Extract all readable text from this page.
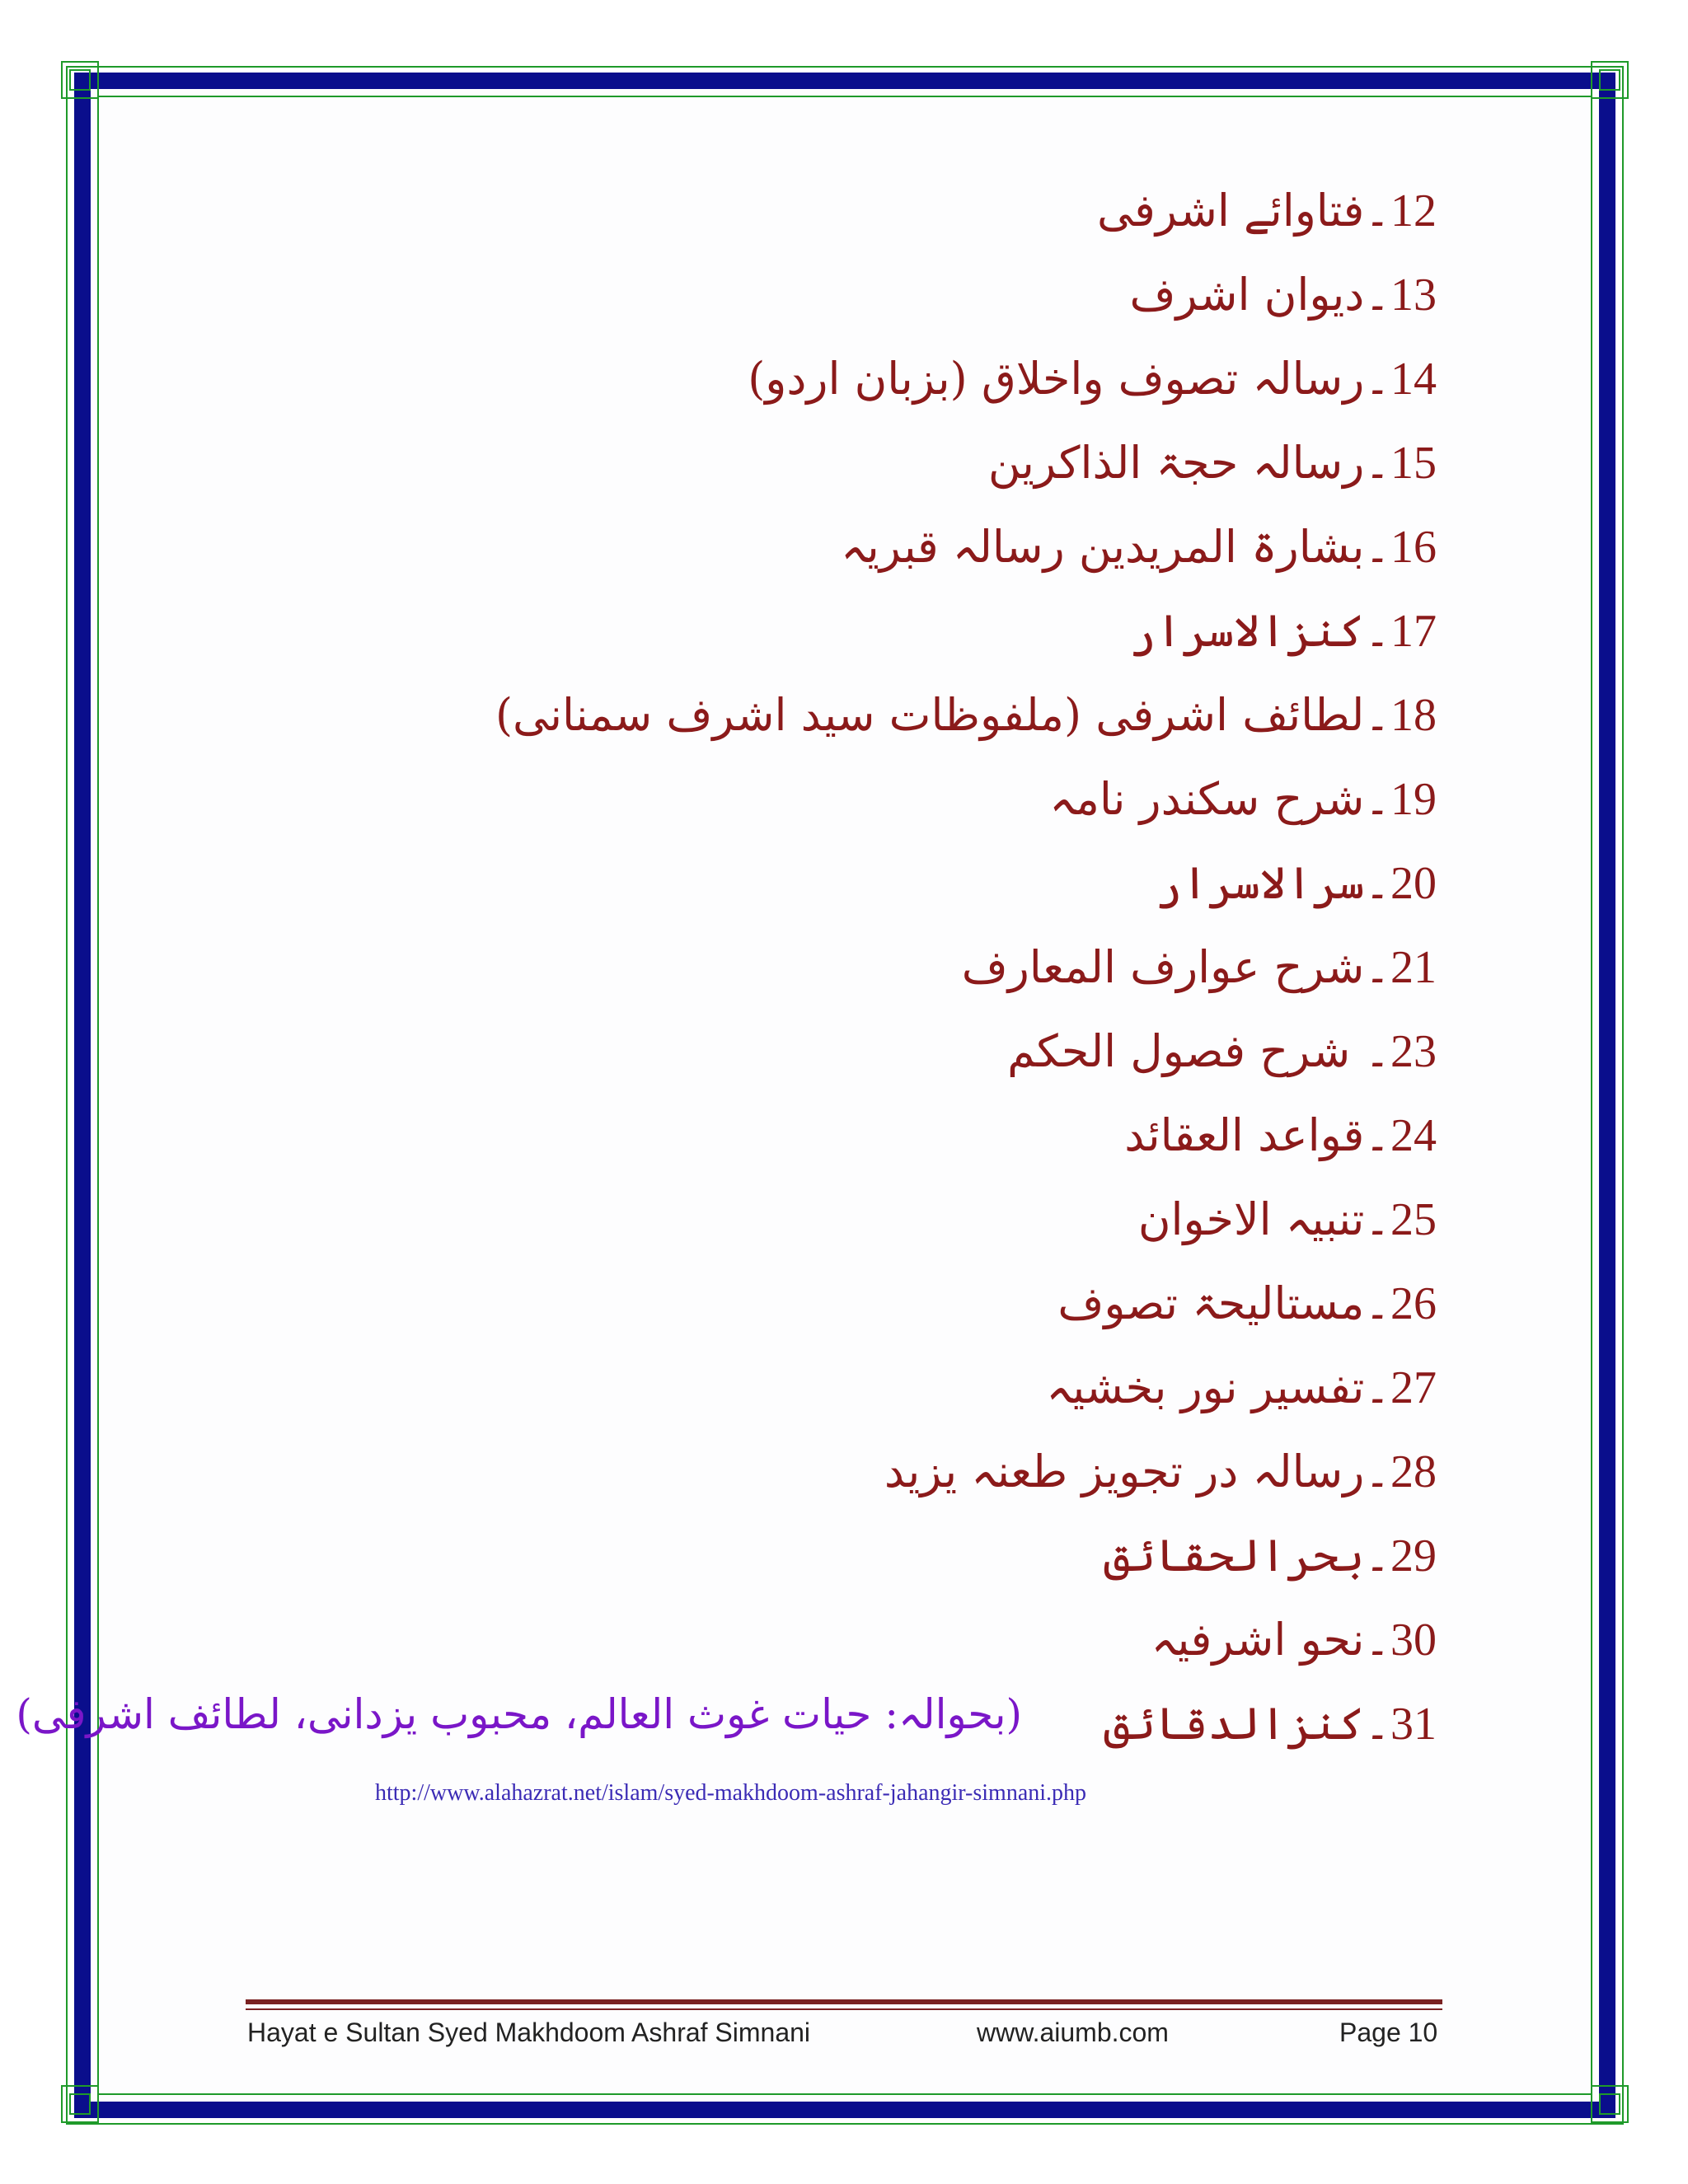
12۔فتاوائے اشرفی
13۔دیوان اشرف
14۔رسالہ تصوف واخلاق (بزبان اردو)
15۔رسالہ حجۃ الذاکرین
16۔بشارۃ المریدین رسالہ قبریہ
17۔کنزالاسرار
18۔لطائف اشرفی (ملفوظات سید اشرف سمنانی)
19۔شرح سکندر نامہ
20۔سرالاسرار
21۔شرح عوارف المعارف
23۔ شرح فصول الحکم
24۔قواعد العقائد
25۔تنبیہ الاخوان
26۔مستالیحۃ تصوف
27۔تفسیر نور بخشیہ
28۔رسالہ در تجویز طعنہ یزید
29۔بحرالحقائق
30۔نحو اشرفیہ
31۔کنزالدقائق
(بحوالہ: حیات غوث العالم، محبوب یزدانی، لطائف اشرفی)
http://www.alahazrat.net/islam/syed-makhdoom-ashraf-jahangir-simnani.php
Hayat e Sultan Syed Makhdoom Ashraf Simnani	www.aiumb.com	Page 10
